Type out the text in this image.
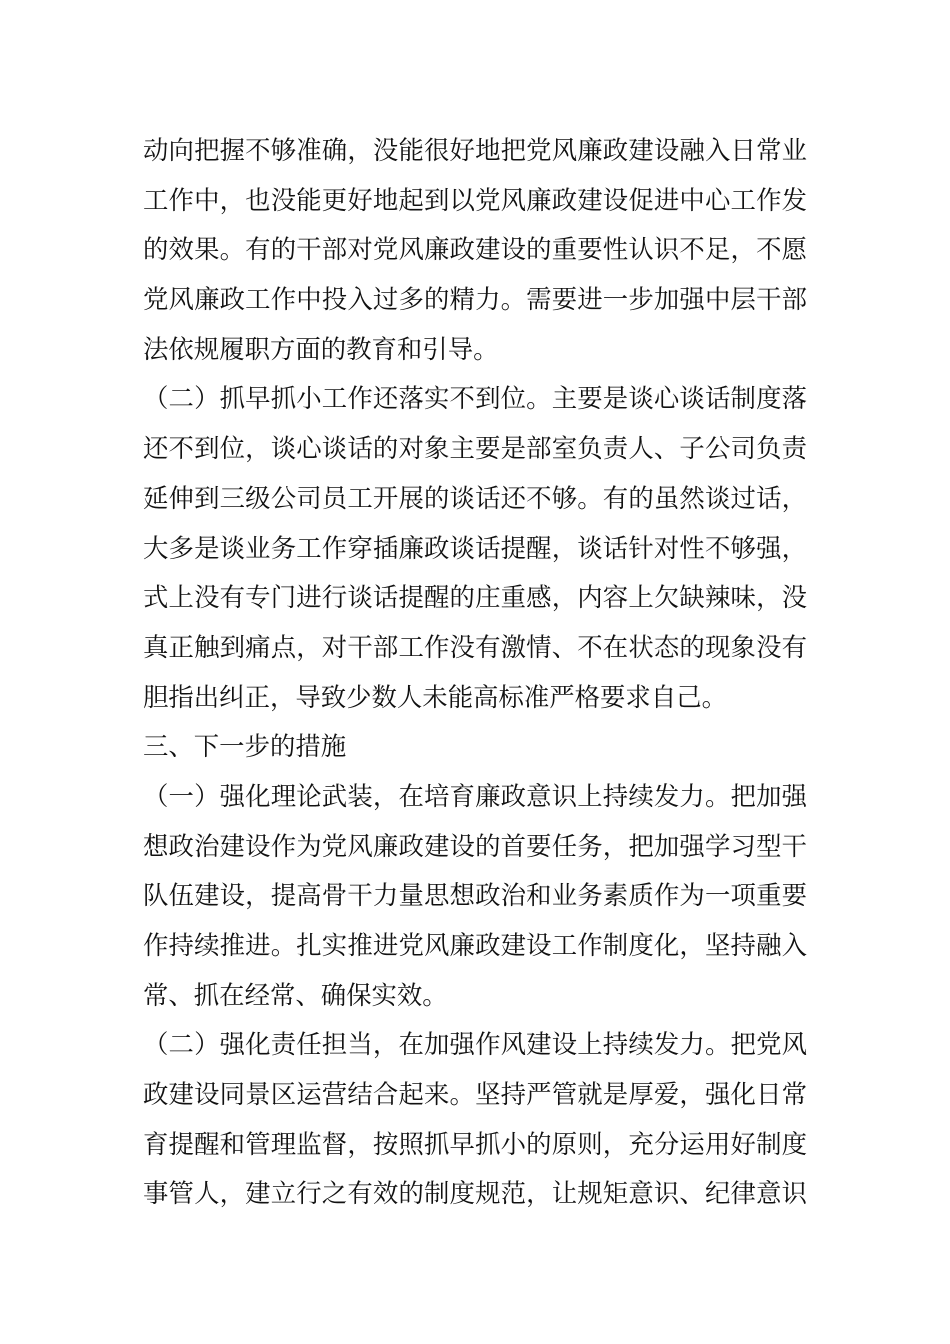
动向把握不够准确，没能很好地把党风廉政建设融入日常业
工作中，也没能更好地起到以党风廉政建设促进中心工作发
的效果。有的干部对党风廉政建设的重要性认识不足，不愿
党风廉政工作中投入过多的精力。需要进一步加强中层干部
法依规履职方面的教育和引导。
（二）抓早抓小工作还落实不到位。主要是谈心谈话制度落
还不到位，谈心谈话的对象主要是部室负责人、子公司负责
延伸到三级公司员工开展的谈话还不够。有的虽然谈过话，
大多是谈业务工作穿插廉政谈话提醒，谈话针对性不够强，
式上没有专门进行谈话提醒的庄重感，内容上欠缺辣味，没
真正触到痛点，对干部工作没有激情、不在状态的现象没有
胆指出纠正，导致少数人未能高标准严格要求自己。
三、下一步的措施
（一）强化理论武装，在培育廉政意识上持续发力。把加强
想政治建设作为党风廉政建设的首要任务，把加强学习型干
队伍建设，提高骨干力量思想政治和业务素质作为一项重要
作持续推进。扎实推进党风廉政建设工作制度化，坚持融入
常、抓在经常、确保实效。
（二）强化责任担当，在加强作风建设上持续发力。把党风
政建设同景区运营结合起来。坚持严管就是厚爱，强化日常
育提醒和管理监督，按照抓早抓小的原则，充分运用好制度
事管人，建立行之有效的制度规范，让规矩意识、纪律意识
